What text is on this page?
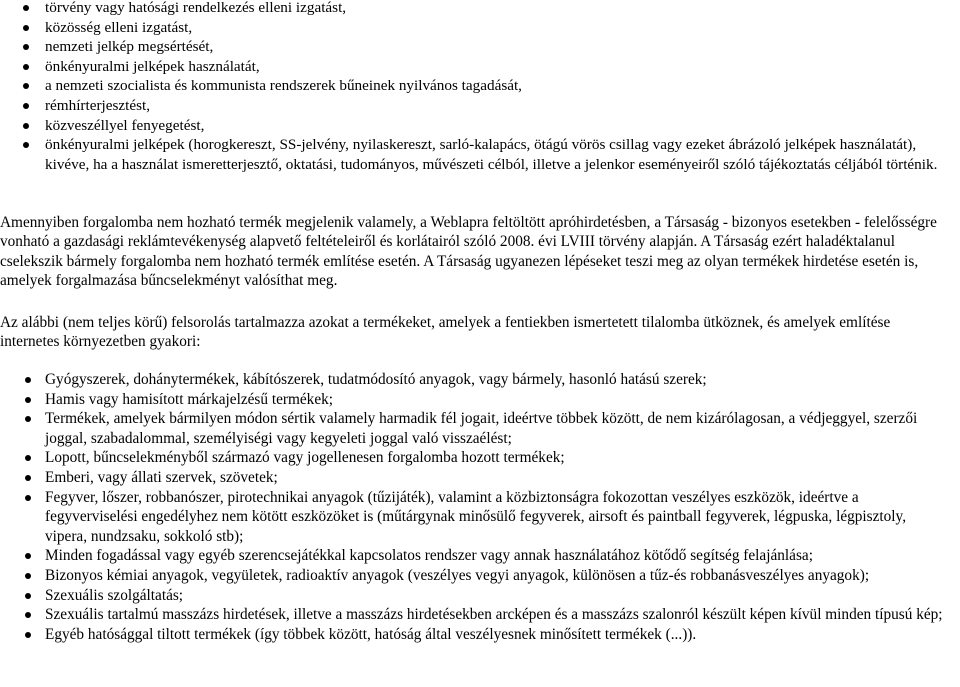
törvény vagy hatósági rendelkezés elleni izgatást,
közösség elleni izgatást,
nemzeti jelkép megsértését,
önkényuralmi jelképek használatát,
a nemzeti szocialista és kommunista rendszerek bűneinek nyilvános tagadását,
rémhírterjesztést,
közveszéllyel fenyegetést,
önkényuralmi jelképek (horogkereszt, SS-jelvény, nyilaskereszt, sarló-kalapács, ötágú vörös csillag vagy ezeket ábrázoló jelképek használatát), kivéve, ha a használat ismeretterjesztő, oktatási, tudományos, művészeti célból, illetve a jelenkor eseményeiről szóló tájékoztatás céljából történik.

Amennyiben forgalomba nem hozható termék megjelenik valamely, a Weblapra feltöltött apróhirdetésben, a Társaság - bizonyos esetekben - felelősségre vonható a gazdasági reklámtevékenység alapvető feltételeiről és korlátairól szóló 2008. évi LVIII törvény alapján. A Társaság ezért haladéktalanul cselekszik bármely forgalomba nem hozható termék említése esetén. A Társaság ugyanezen lépéseket teszi meg az olyan termékek hirdetése esetén is, amelyek forgalmazása bűncselekményt valósíthat meg.

Az alábbi (nem teljes körű) felsorolás tartalmazza azokat a termékeket, amelyek a fentiekben ismertetett tilalomba ütköznek, és amelyek említése internetes környezetben gyakori:

Gyógyszerek, dohánytermékek, kábítószerek, tudatmódosító anyagok, vagy bármely, hasonló hatású szerek;
Hamis vagy hamisított márkajelzésű termékek;
Termékek, amelyek bármilyen módon sértik valamely harmadik fél jogait, ideértve többek között, de nem kizárólagosan, a védjeggyel, szerzői joggal, szabadalommal, személyiségi vagy kegyeleti joggal való visszaélést;
Lopott, bűncselekményből származó vagy jogellenesen forgalomba hozott termékek;
Emberi, vagy állati szervek, szövetek;
Fegyver, lőszer, robbanószer, pirotechnikai anyagok (tűzijáték), valamint a közbiztonságra fokozottan veszélyes eszközök, ideértve a fegyverviselési engedélyhez nem kötött eszközöket is (műtárgynak minősülő fegyverek, airsoft és paintball fegyverek, légpuska, légpisztoly, vipera, nundzsaku, sokkoló stb);
Minden fogadással vagy egyéb szerencsejátékkal kapcsolatos rendszer vagy annak használatához kötődő segítség felajánlása;
Bizonyos kémiai anyagok, vegyületek, radioaktív anyagok (veszélyes vegyi anyagok, különösen a tűz-és robbanásveszélyes anyagok);
Szexuális szolgáltatás;
Szexuális tartalmú masszázs hirdetések, illetve a masszázs hirdetésekben arcképen és a masszázs szalonról készült képen kívül minden típusú kép;
Egyéb hatósággal tiltott termékek (így többek között, hatóság által veszélyesnek minősített termékek (...)).
